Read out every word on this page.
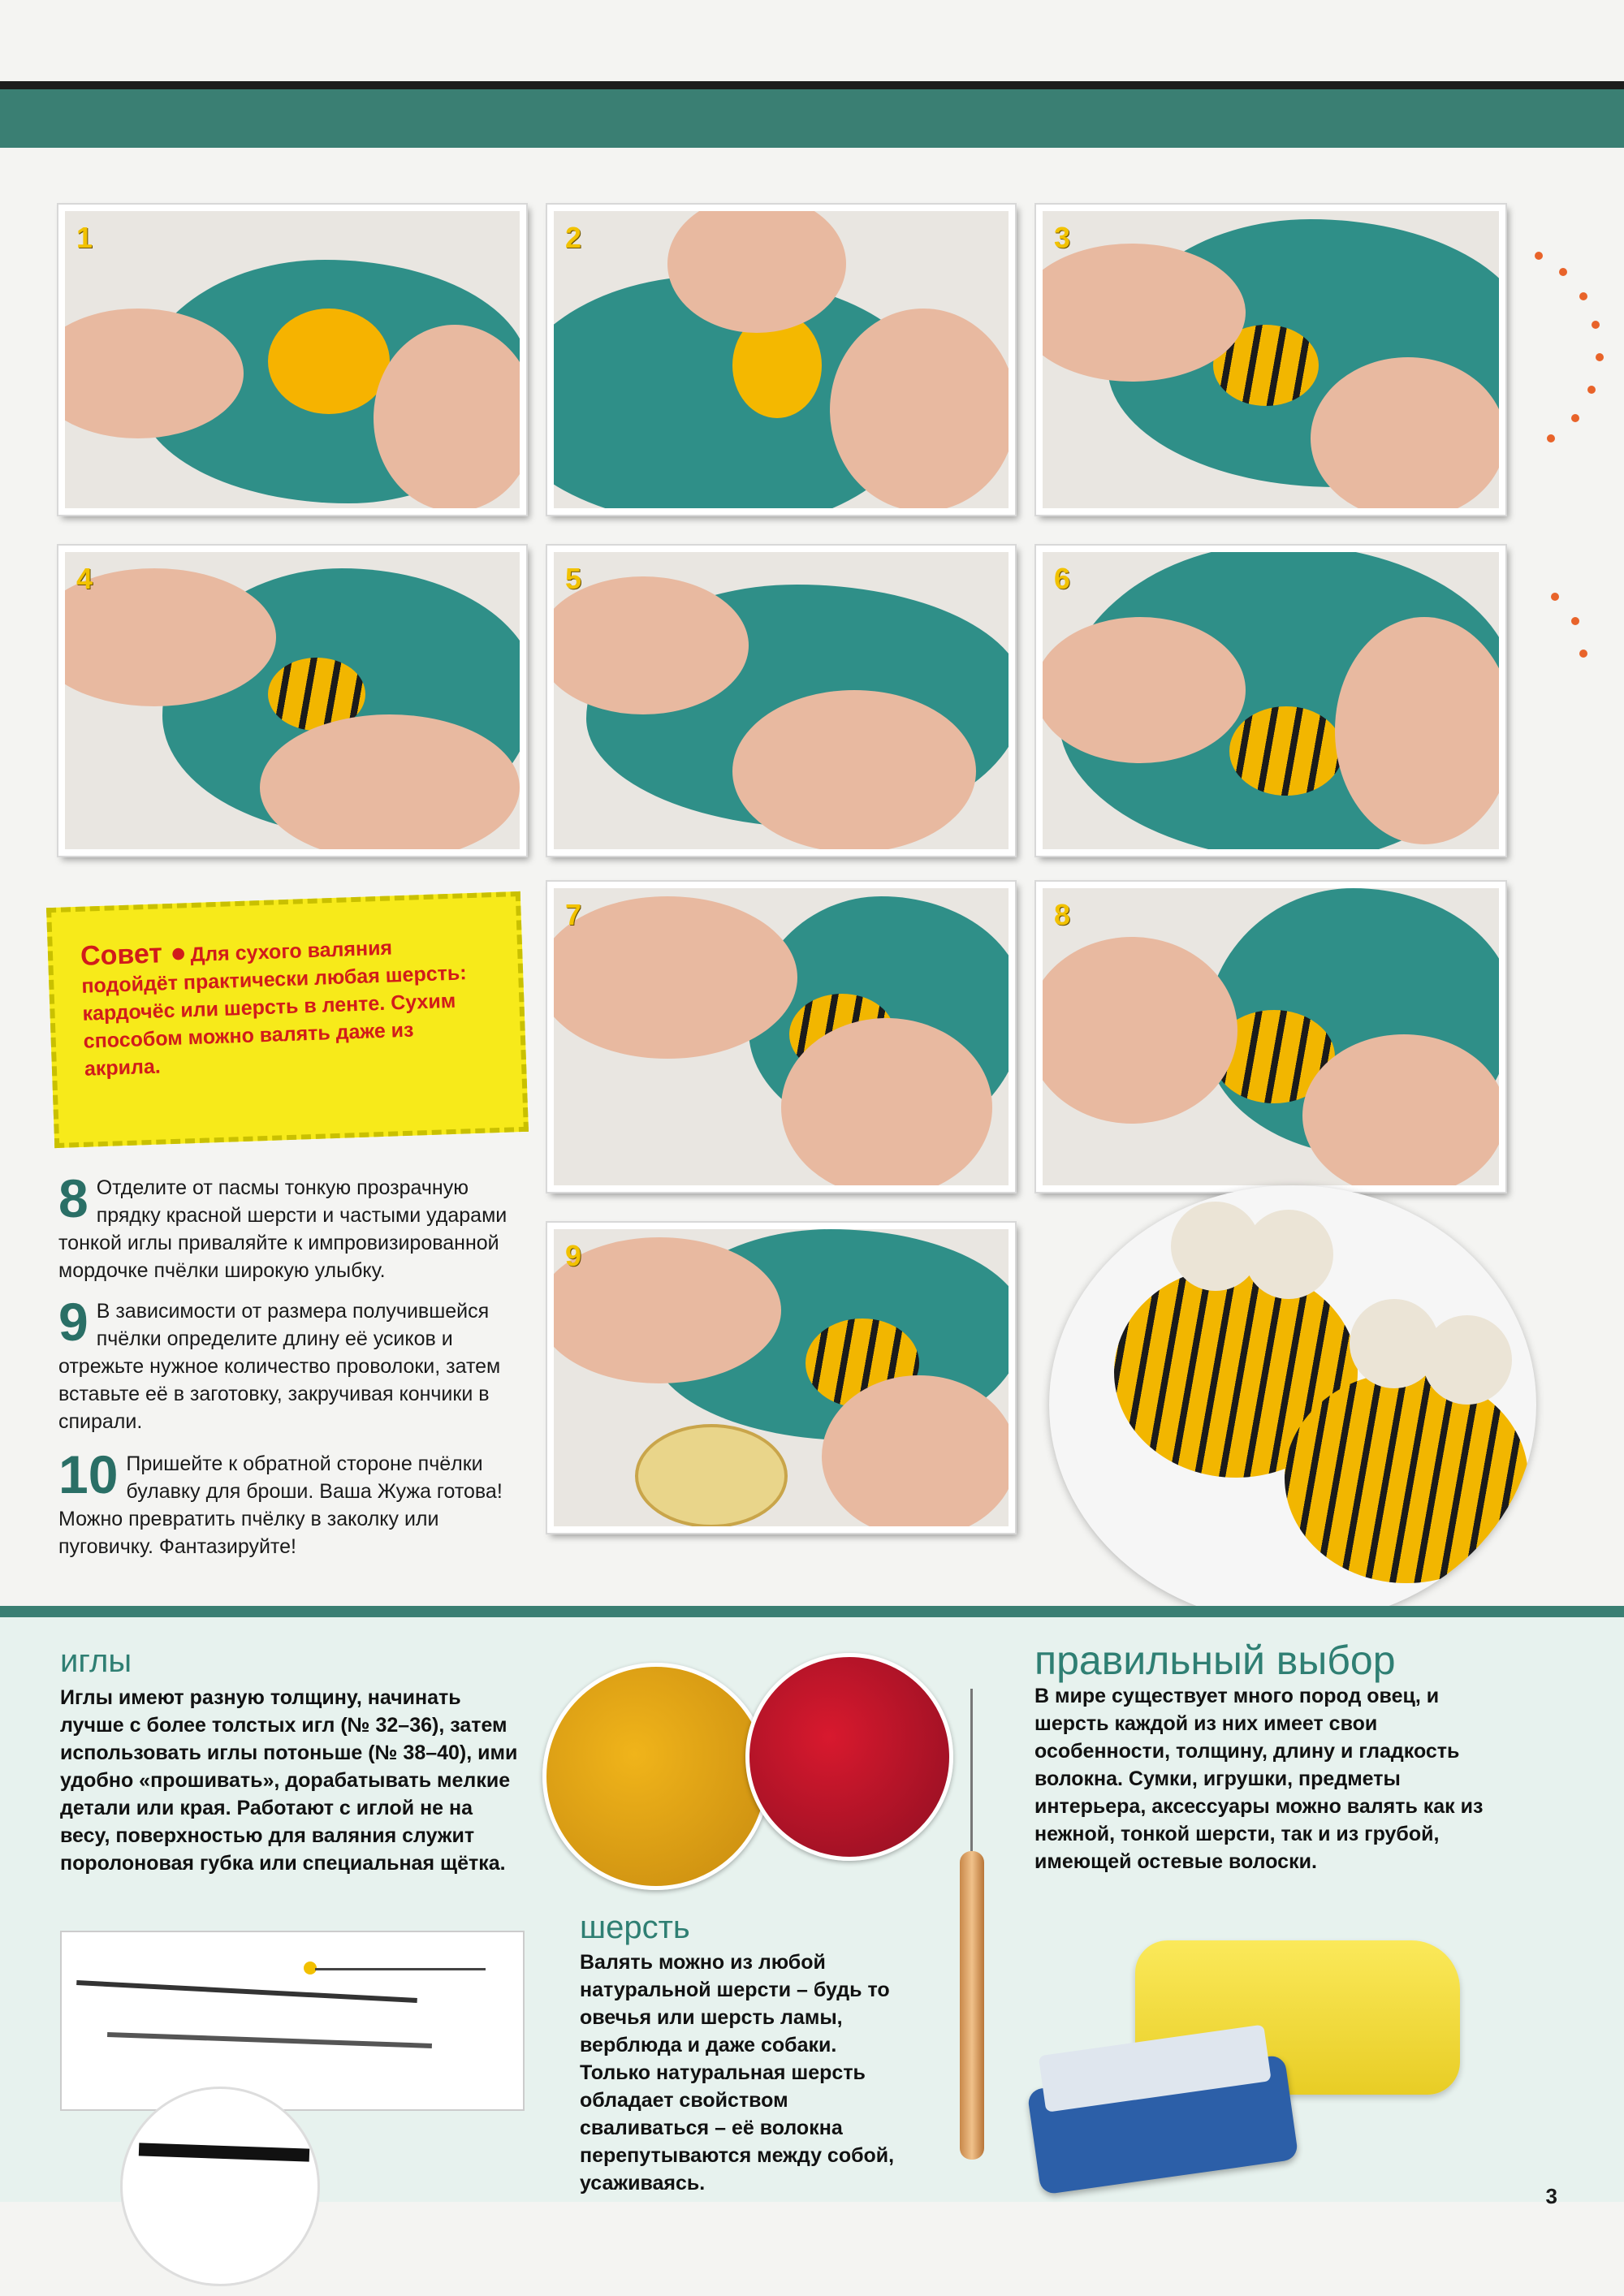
1	2	3
4	5	6
7	8
9	10
Совет ● Для сухого валяния подойдёт практически любая шерсть: кардочёс или шерсть в ленте. Сухим способом можно валять даже из акрила.
8 Отделите от пасмы тонкую прозрачную прядку красной шерсти и частыми ударами тонкой иглы приваляйте к импровизированной мордочке пчёлки широкую улыбку.
9 В зависимости от размера получившейся пчёлки определите длину её усиков и отрежьте нужное количество проволоки, затем вставьте её в заготовку, закручивая кончики в спирали.
10 Пришейте к обратной стороне пчёлки булавку для броши. Ваша Жужа готова! Можно превратить пчёлку в заколку или пуговичку. Фантазируйте!
иглы
Иглы имеют разную толщину, начинать лучше с более толстых игл (№ 32–36), затем использовать иглы потоньше (№ 38–40), ими удобно «прошивать», дорабатывать мелкие детали или края. Работают с иглой не на весу, поверхностью для валяния служит поролоновая губка или специальная щётка.
шерсть
Валять можно из любой натуральной шерсти – будь то овечья или шерсть ламы, верблюда и даже собаки. Только натуральная шерсть обладает свойством сваливаться – её волокна перепутываются между собой, усаживаясь.
правильный выбор
В мире существует много пород овец, и шерсть каждой из них имеет свои особенности, толщину, длину и гладкость волокна. Сумки, игрушки, предметы интерьера, аксессуары можно валять как из нежной, тонкой шерсти, так и из грубой, имеющей остевые волоски.
3
